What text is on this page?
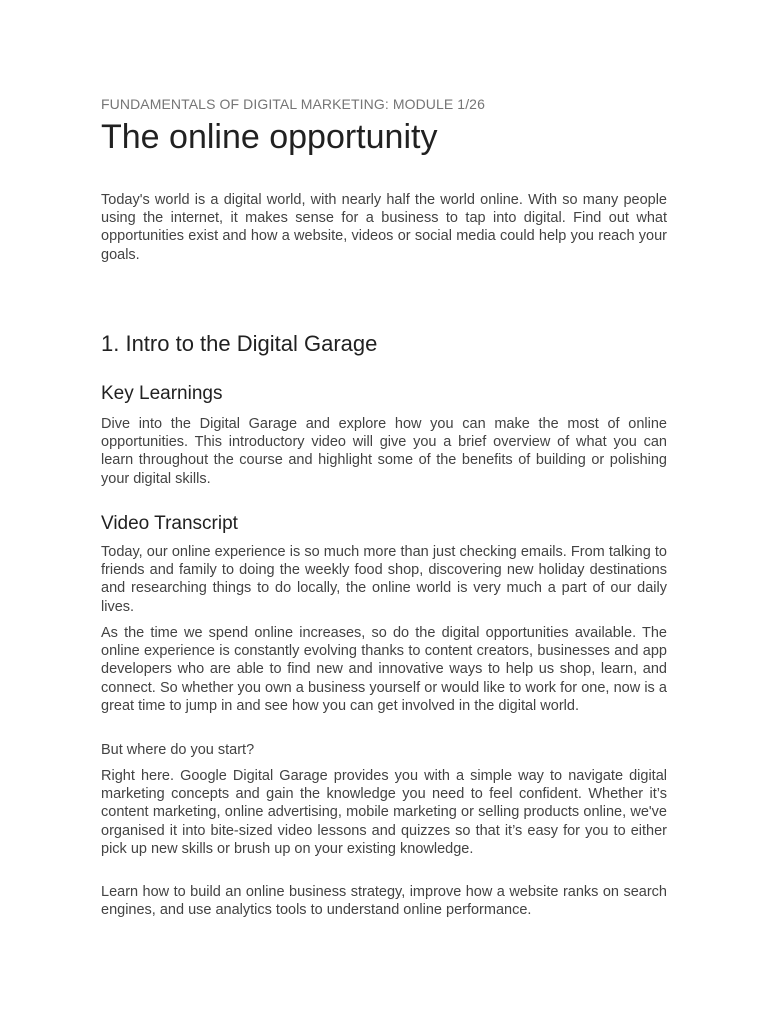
FUNDAMENTALS OF DIGITAL MARKETING: MODULE 1/26
The online opportunity

Today's world is a digital world, with nearly half the world online. With so many people using the internet, it makes sense for a business to tap into digital. Find out what opportunities exist and how a website, videos or social media could help you reach your goals.

1. Intro to the Digital Garage
Key Learnings

Dive into the Digital Garage and explore how you can make the most of online opportunities. This introductory video will give you a brief overview of what you can learn throughout the course and highlight some of the benefits of building or polishing your digital skills.

Video Transcript

Today, our online experience is so much more than just checking emails. From talking to friends and family to doing the weekly food shop, discovering new holiday destinations and researching things to do locally, the online world is very much a part of our daily lives.

As the time we spend online increases, so do the digital opportunities available. The online experience is constantly evolving thanks to content creators, businesses and app developers who are able to find new and innovative ways to help us shop, learn, and connect. So whether you own a business yourself or would like to work for one, now is a great time to jump in and see how you can get involved in the digital world.

But where do you start?

Right here. Google Digital Garage provides you with a simple way to navigate digital marketing concepts and gain the knowledge you need to feel confident. Whether it’s content marketing, online advertising, mobile marketing or selling products online, we've organised it into bite-sized video lessons and quizzes so that it’s easy for you to either pick up new skills or brush up on your existing knowledge.

Learn how to build an online business strategy, improve how a website ranks on search engines, and use analytics tools to understand online performance.
